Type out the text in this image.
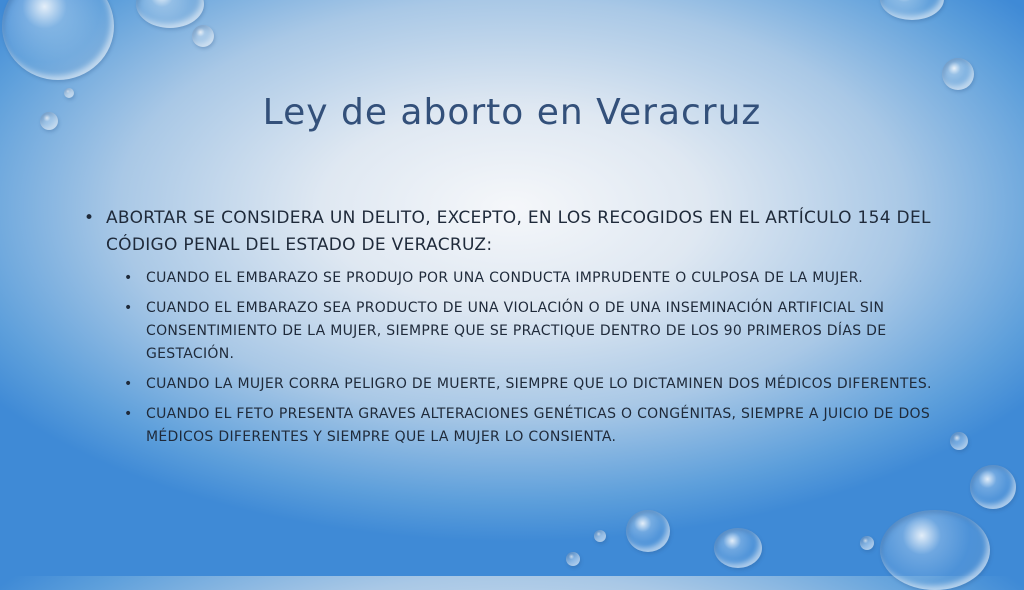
Ley de aborto en Veracruz
• ABORTAR SE CONSIDERA UN DELITO, EXCEPTO, EN LOS RECOGIDOS EN EL ARTÍCULO 154 DEL CÓDIGO PENAL DEL ESTADO DE VERACRUZ:
• CUANDO EL EMBARAZO SE PRODUJO POR UNA CONDUCTA IMPRUDENTE O CULPOSA DE LA MUJER.
• CUANDO EL EMBARAZO SEA PRODUCTO DE UNA VIOLACIÓN O DE UNA INSEMINACIÓN ARTIFICIAL SIN CONSENTIMIENTO DE LA MUJER, SIEMPRE QUE SE PRACTIQUE DENTRO DE LOS 90 PRIMEROS DÍAS DE GESTACIÓN.
• CUANDO LA MUJER CORRA PELIGRO DE MUERTE, SIEMPRE QUE LO DICTAMINEN DOS MÉDICOS DIFERENTES.
• CUANDO EL FETO PRESENTA GRAVES ALTERACIONES GENÉTICAS O CONGÉNITAS, SIEMPRE A JUICIO DE DOS MÉDICOS DIFERENTES Y SIEMPRE QUE LA MUJER LO CONSIENTA.
